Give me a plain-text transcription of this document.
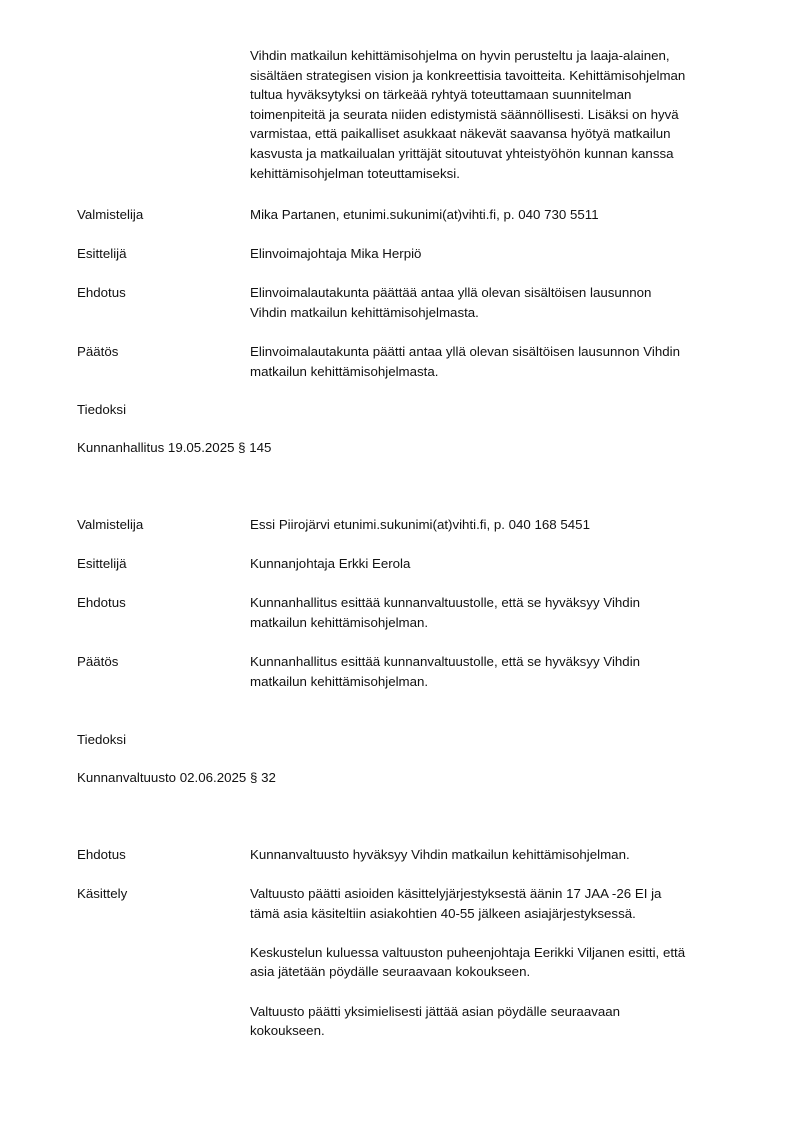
Vihdin matkailun kehittämisohjelma on hyvin perusteltu ja laaja-alainen,

sisältäen strategisen vision ja konkreettisia tavoitteita. Kehittämisohjelman

tultua hyväksytyksi on tärkeää ryhtyä toteuttamaan suunnitelman

toimenpiteitä ja seurata niiden edistymistä säännöllisesti. Lisäksi on hyvä

varmistaa, että paikalliset asukkaat näkevät saavansa hyötyä matkailun

kasvusta ja matkailualan yrittäjät sitoutuvat yhteistyöhön kunnan kanssa

kehittämisohjelman toteuttamiseksi.

Valmistelija	Mika Partanen, etunimi.sukunimi(at)vihti.fi, p. 040 730 5511
Esittelijä	Elinvoimajohtaja Mika Herpiö
Ehdotus	Elinvoimalautakunta päättää antaa yllä olevan sisältöisen lausunnon
Vihdin matkailun kehittämisohjelmasta.
Päätös	Elinvoimalautakunta päätti antaa yllä olevan sisältöisen lausunnon Vihdin
matkailun kehittämisohjelmasta.
Tiedoksi
Kunnanhallitus 19.05.2025 § 145
Valmistelija	Essi Piirojärvi etunimi.sukunimi(at)vihti.fi, p. 040 168 5451
Esittelijä	Kunnanjohtaja Erkki Eerola
Ehdotus	Kunnanhallitus esittää kunnanvaltuustolle, että se hyväksyy Vihdin
matkailun kehittämisohjelman.
Päätös	Kunnanhallitus esittää kunnanvaltuustolle, että se hyväksyy Vihdin
matkailun kehittämisohjelman.
Tiedoksi
Kunnanvaltuusto 02.06.2025 § 32
Ehdotus	Kunnanvaltuusto hyväksyy Vihdin matkailun kehittämisohjelman.
Käsittely	Valtuusto päätti asioiden käsittelyjärjestyksestä äänin 17 JAA -26 EI ja
tämä asia käsiteltiin asiakohtien 40-55 jälkeen asiajärjestyksessä.

Keskustelun kuluessa valtuuston puheenjohtaja Eerikki Viljanen esitti, että
asia jätetään pöydälle seuraavaan kokoukseen.

Valtuusto päätti yksimielisesti jättää asian pöydälle seuraavaan
kokoukseen.
